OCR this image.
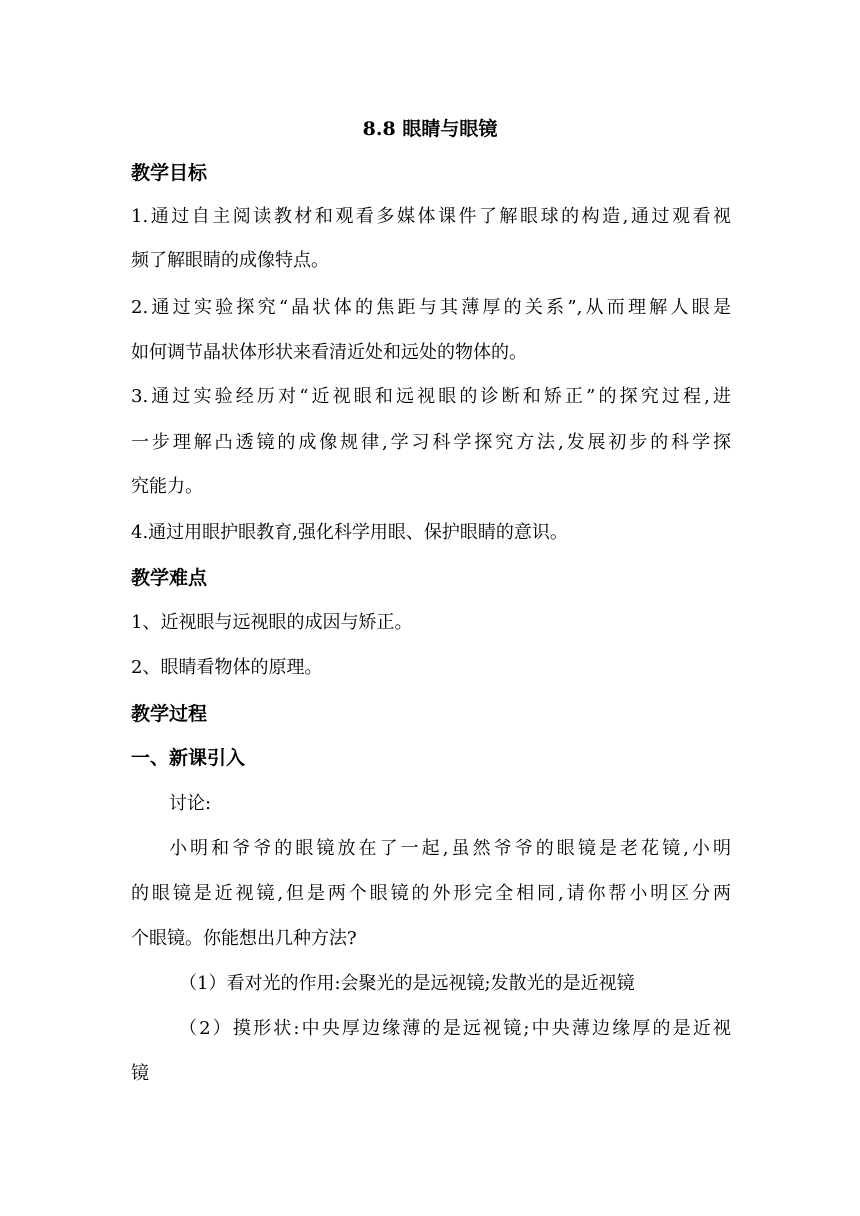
8.8 眼睛与眼镜
教学目标

1.通过自主阅读教材和观看多媒体课件了解眼球的构造,通过观看视

频了解眼睛的成像特点。

2.通过实验探究“晶状体的焦距与其薄厚的关系”,从而理解人眼是

如何调节晶状体形状来看清近处和远处的物体的。

3.通过实验经历对“近视眼和远视眼的诊断和矫正”的探究过程,进

一步理解凸透镜的成像规律,学习科学探究方法,发展初步的科学探

究能力。

4.通过用眼护眼教育,强化科学用眼、保护眼睛的意识。

教学难点

1、近视眼与远视眼的成因与矫正。

2、眼睛看物体的原理。

教学过程
一、新课引入

讨论:

小明和爷爷的眼镜放在了一起,虽然爷爷的眼镜是老花镜,小明

的眼镜是近视镜,但是两个眼镜的外形完全相同,请你帮小明区分两

个眼镜。你能想出几种方法?

（1）看对光的作用:会聚光的是远视镜;发散光的是近视镜

（2）摸形状:中央厚边缘薄的是远视镜;中央薄边缘厚的是近视

镜
